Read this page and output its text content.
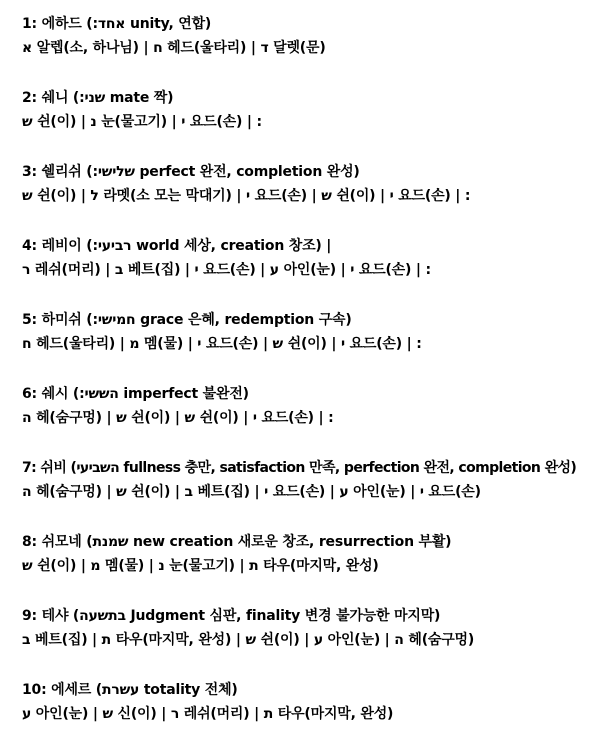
1: 에하드 (:אחד unity, 연합)
א 알렙(소, 하나님) | ח 헤드(울타리) | ד 달렛(문)
2: 쉐니 (:שני mate 짝)
ש 쉰(이) | נ 눈(물고기) | י 요드(손) | :
3: 쉘리쉬 (:שלישי perfect 완전, completion 완성)
ש 쉰(이) | ל 라멧(소 모는 막대기) | י 요드(손) | ש 쉰(이) | י 요드(손) | :
4: 레비이 (:רביעי world 세상, creation 창조) |
ר 레쉬(머리) | ב 베트(집) | י 요드(손) | ע 아인(눈) | י 요드(손) | :
5: 하미쉬 (:חמישי grace 은혜, redemption 구속)
ח 헤드(울타리) | מ 멤(물) | י 요드(손) | ש 쉰(이) | י 요드(손) | :
6: 쉐시 (:הששי imperfect 불완전)
ה 헤(숨구멍) | ש 쉰(이) | ש 쉰(이) | י 요드(손) | :
7: 쉬비 (השביעי fullness 충만, satisfaction 만족, perfection 완전, completion 완성)
ה 헤(숨구멍) | ש 쉰(이) | ב 베트(집) | י 요드(손) | ע 아인(눈) | י 요드(손)
8: 쉬모네 (שמנת new creation 새로운 창조, resurrection 부활)
ש 쉰(이) | מ 멤(물) | נ 눈(물고기) | ת 타우(마지막, 완성)
9: 테샤 (בתשעה Judgment 심판, finality 변경 불가능한 마지막)
ב 베트(집) | ת 타우(마지막, 완성) | ש 쉰(이) | ע 아인(눈) | ה 헤(숨구멍)
10: 에세르 (עשרת totality 전체)
ע 아인(눈) | ש 신(이) | ר 레쉬(머리) | ת 타우(마지막, 완성)
